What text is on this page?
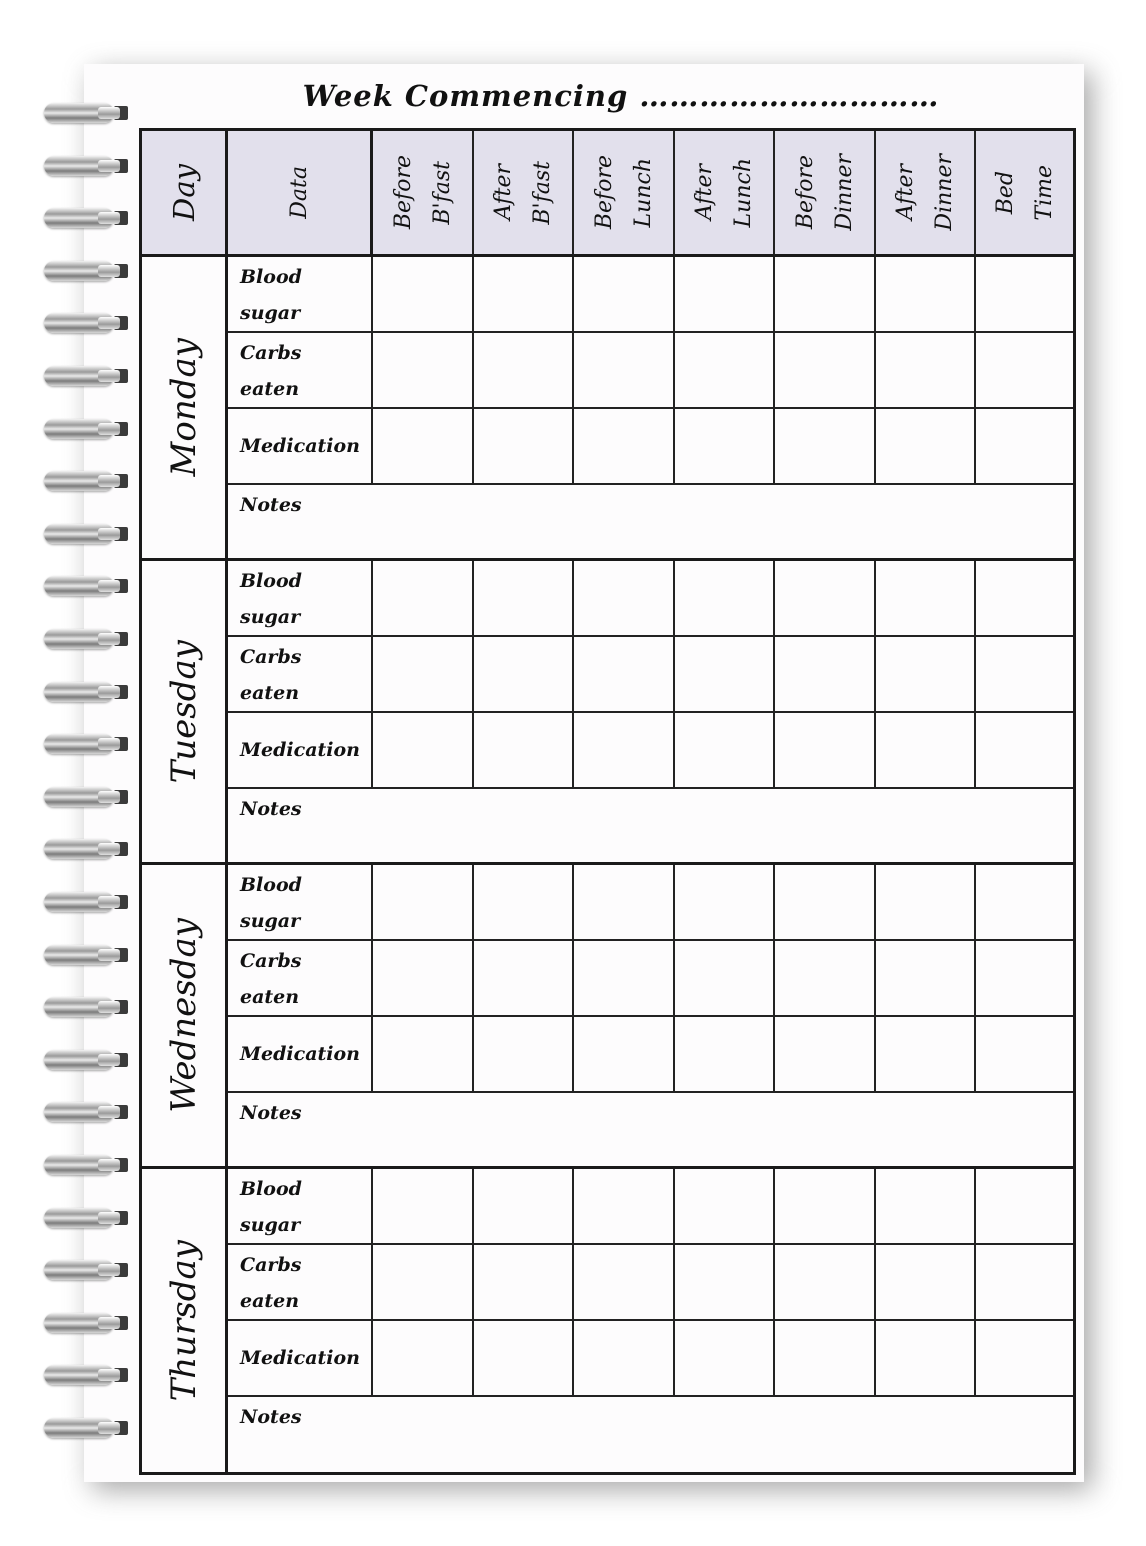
Week Commencing …………………………
Day	Data	Before B'fast After B'fast Before Lunch After Lunch Before Dinner After Dinner Bed Time
Monday
Blood
sugar
Carbs
eaten
Medication
Notes
Tuesday
Blood
sugar
Carbs
eaten
Medication
Notes
Wednesday
Blood
sugar
Carbs
eaten
Medication
Notes
Thursday
Blood
sugar
Carbs
eaten
Medication
Notes
